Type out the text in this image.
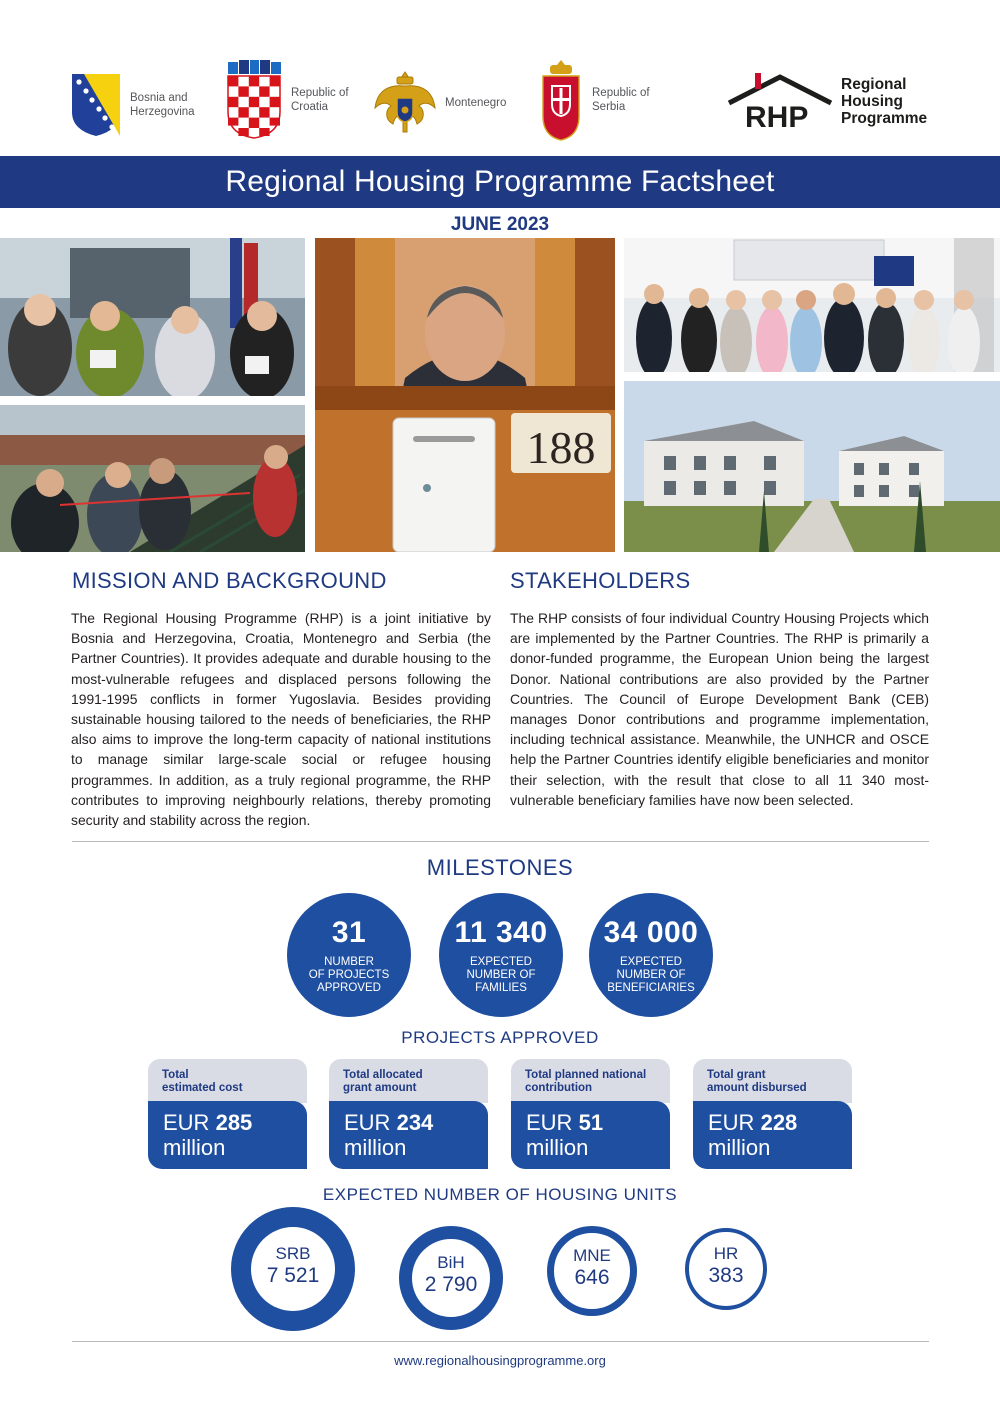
Bosnia and
Herzegovina
Republic of
Croatia	Montenegro
Republic of
Serbia	RHP
Regional
Housing
Programme
Regional Housing Programme Factsheet
JUNE 2023
188
MISSION AND BACKGROUND
The Regional Housing Programme (RHP) is a joint initiative by Bosnia and Herzegovina, Croatia, Montenegro and Serbia (the Partner Countries). It provides adequate and durable housing to the most-vulnerable refugees and displaced persons following the 1991-1995 conflicts in former Yugoslavia. Besides providing sustainable housing tailored to the needs of beneficiaries, the RHP also aims to improve the long-term capacity of national institutions to manage similar large-scale social or refugee housing programmes. In addition, as a truly regional programme, the RHP contributes to improving neighbourly relations, thereby promoting security and stability across the region.
STAKEHOLDERS
The RHP consists of four individual Country Housing Projects which are implemented by the Partner Countries. The RHP is primarily a donor-funded programme, the European Union being the largest Donor. National contributions are also provided by the Partner Countries. The Council of Europe Development Bank (CEB) manages Donor contributions and programme implementation, including technical assistance. Meanwhile, the UNHCR and OSCE help the Partner Countries identify eligible beneficiaries and monitor their selection, with the result that close to all 11 340 most-vulnerable beneficiary families have now been selected.
MILESTONES
31
NUMBER
OF PROJECTS
APPROVED
11 340
EXPECTED
NUMBER OF
FAMILIES
34 000
EXPECTED
NUMBER OF
BENEFICIARIES
PROJECTS APPROVED
Total
estimated cost
EUR 285
million
Total allocated
grant amount
EUR 234
million
Total planned national
contribution
EUR 51
million
Total grant
amount disbursed
EUR 228
million
EXPECTED NUMBER OF HOUSING UNITS
SRB
7 521
BiH
2 790
MNE
646
HR
383
www.regionalhousingprogramme.org
